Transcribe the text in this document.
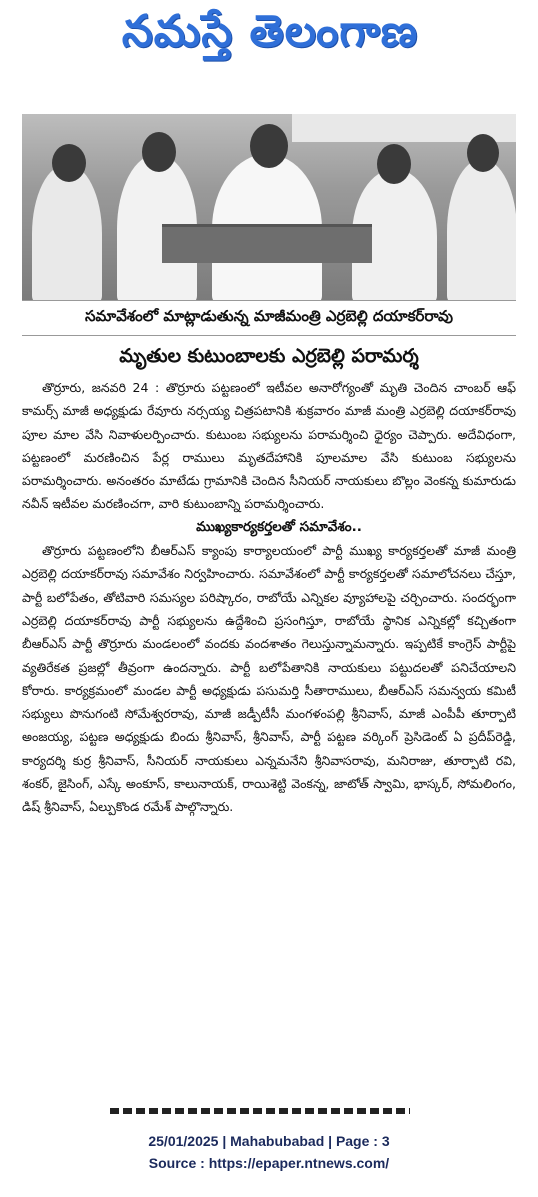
నమస్తే తెలంగాణ
సమావేశంలో మాట్లాడుతున్న మాజీమంత్రి ఎర్రబెల్లి దయాకర్‌రావు
మృతుల కుటుంబాలకు ఎర్రబెల్లి పరామర్శ

తొర్రూరు, జనవరి 24 : తొర్రూరు పట్టణంలో ఇటీవల అనారోగ్యంతో మృతి చెందిన చాంబర్ ఆఫ్ కామర్స్ మాజీ అధ్యక్షుడు రేవూరు నర్సయ్య చిత్రపటానికి శుక్రవారం మాజీ మంత్రి ఎర్రబెల్లి దయాకర్‌రావు పూల మాల వేసి నివాళులర్పించారు. కుటుంబ సభ్యులను పరామర్శించి ధైర్యం చెప్పారు. అదేవిధంగా, పట్టణంలో మరణించిన పేర్ల రాములు మృతదేహానికి పూలమాల వేసి కుటుంబ సభ్యులను పరామర్శించారు. అనంతరం మాటేడు గ్రామానికి చెందిన సీనియర్ నాయకులు బొల్లం వెంకన్న కుమారుడు నవీన్ ఇటీవల మరణించగా, వారి కుటుంబాన్ని పరామర్శించారు.

ముఖ్యకార్యకర్తలతో సమావేశం..

తొర్రూరు పట్టణంలోని బీఆర్‌ఎస్ క్యాంపు కార్యాలయంలో పార్టీ ముఖ్య కార్యకర్తలతో మాజీ మంత్రి ఎర్రబెల్లి దయాకర్‌రావు సమావేశం నిర్వహించారు. సమావేశంలో పార్టీ కార్యకర్తలతో సమాలోచనలు చేస్తూ, పార్టీ బలోపేతం, తోటివారి సమస్యల పరిష్కారం, రాబోయే ఎన్నికల వ్యూహాలపై చర్చించారు. సందర్భంగా ఎర్రబెల్లి దయాకర్‌రావు పార్టీ సభ్యులను ఉద్దేశించి ప్రసంగిస్తూ, రాబోయే స్థానిక ఎన్నికల్లో కచ్చితంగా బీఆర్‌ఎస్ పార్టీ తొర్రూరు మండలంలో వందకు వందశాతం గెలుస్తున్నామన్నారు. ఇప్పటికే కాంగ్రెస్ పార్టీపై వ్యతిరేకత ప్రజల్లో తీవ్రంగా ఉందన్నారు. పార్టీ బలోపేతానికి నాయకులు పట్టుదలతో పనిచేయాలని కోరారు. కార్యక్రమంలో మండల పార్టీ అధ్యక్షుడు పసుమర్తి సీతారాములు, బీఆర్‌ఎస్ సమన్వయ కమిటీ సభ్యులు పొనుగంటి సోమేశ్వరరావు, మాజీ జడ్పీటీసీ మంగళంపల్లి శ్రీనివాస్, మాజీ ఎంపీపీ తూర్పాటి అంజయ్య, పట్టణ అధ్యక్షుడు బిందు శ్రీనివాస్, శ్రీనివాస్, పార్టీ పట్టణ వర్కింగ్ ప్రెసిడెంట్ ఏ ప్రదీప్‌రెడ్డి, కార్యదర్శి కుర్ర శ్రీనివాస్, సీనియర్ నాయకులు ఎన్నమనేని శ్రీనివాసరావు, మనిరాజు, తూర్పాటి రవి, శంకర్, జైసింగ్, ఎస్కే అంకూస్, కాలునాయక్, రాయిశెట్టి వెంకన్న, జాటోత్ స్వామి, భాస్కర్, సోమలింగం, డిష్ శ్రీనివాస్, ఏల్పుకొండ రమేశ్ పాల్గొన్నారు.

25/01/2025 | Mahabubabad | Page : 3
Source : https://epaper.ntnews.com/
